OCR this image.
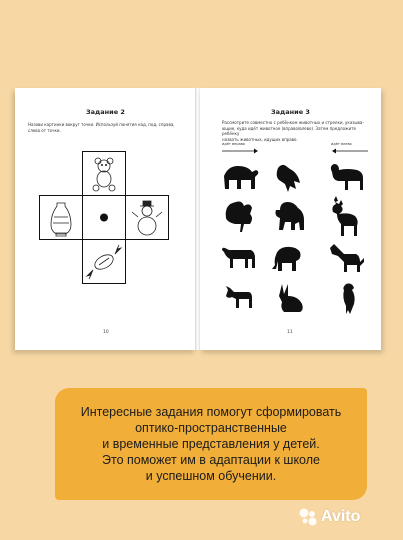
Задание 2
Назови картинки вокруг точки. Используй понятия над, под, справа,
слева от точки.
10
Задание 3
Рассмотрите совместно с ребёнком животных и стрелки, указыва-
ющие, куда идёт животное (вправо/влево). Затем предложите ребёнку
назвать животных, идущих вправо.
идёт вправо	идёт влево
11
Интересные задания помогут сформировать
оптико-пространственные
и временные представления у детей.
Это поможет им в адаптации к школе
и успешном обучении.
Avito
